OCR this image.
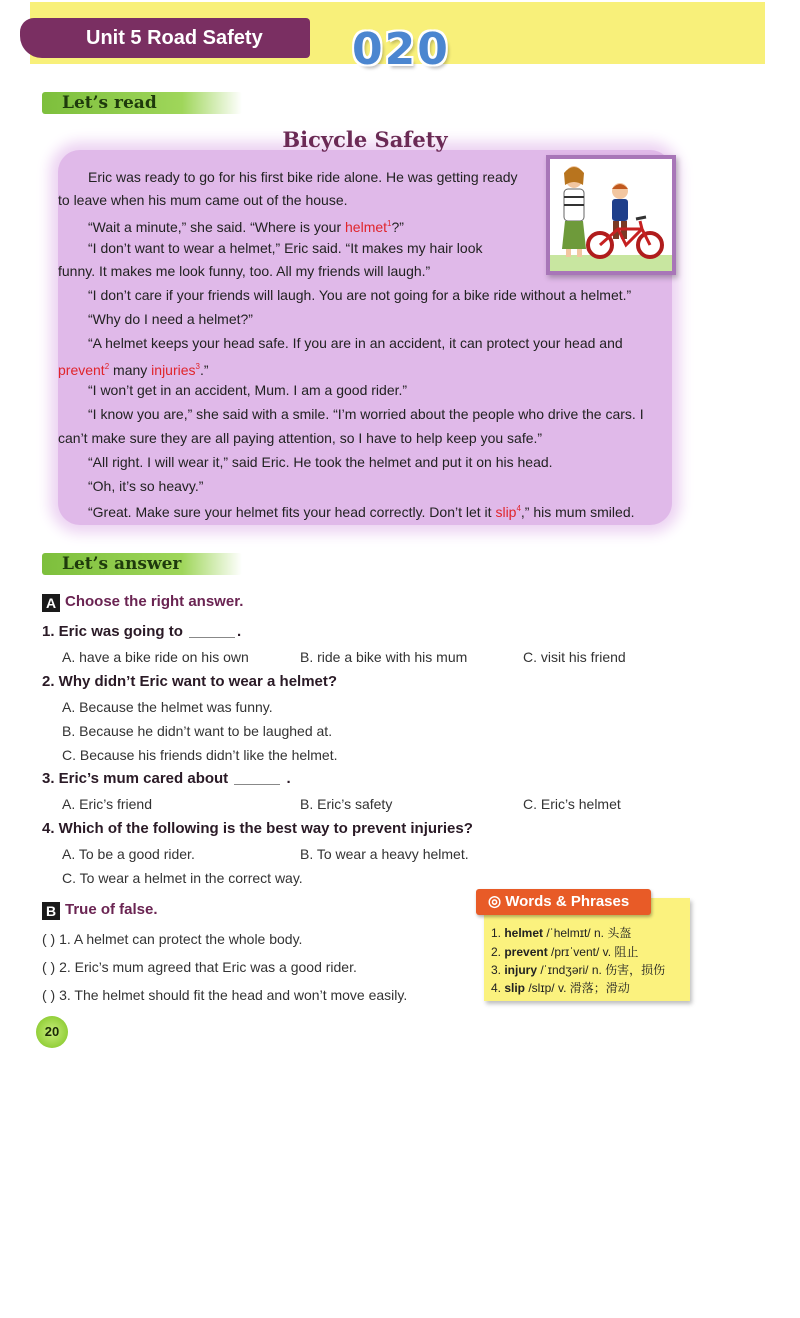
Unit 5 Road Safety	020
Let’s read
Bicycle Safety
Eric was ready to go for his first bike ride alone. He was getting ready
to leave when his mum came out of the house.
“Wait a minute,” she said. “Where is your helmet$^1$?”
“I don’t want to wear a helmet,” Eric said. “It makes my hair look
funny. It makes me look funny, too. All my friends will laugh.”
“I don’t care if your friends will laugh. You are not going for a bike ride without a helmet.”
“Why do I need a helmet?”
“A helmet keeps your head safe. If you are in an accident, it can protect your head and
prevent$^2$ many injuries$^3$.”
“I won’t get in an accident, Mum. I am a good rider.”
“I know you are,” she said with a smile. “I’m worried about the people who drive the cars. I
can’t make sure they are all paying attention, so I have to help keep you safe.”
“All right. I will wear it,” said Eric. He took the helmet and put it on his head.
“Oh, it’s so heavy.”
“Great. Make sure your helmet fits your head correctly. Don’t let it slip$^4$,” his mum smiled.
Let’s answer
A Choose the right answer.
1. Eric was going to	.
A. have a bike ride on his own	B. ride a bike with his mum	C. visit his friend
2. Why didn’t Eric want to wear a helmet?
A. Because the helmet was funny.
B. Because he didn’t want to be laughed at.
C. Because his friends didn’t like the helmet.
3. Eric’s mum cared about	.
A. Eric’s friend	B. Eric’s safety	C. Eric’s helmet
4. Which of the following is the best way to prevent injuries?
A. To be a good rider.	B. To wear a heavy helmet.
C. To wear a helmet in the correct way.
B True of false.
( ) 1. A helmet can protect the whole body.
( ) 2. Eric’s mum agreed that Eric was a good rider.
( ) 3. The helmet should fit the head and won’t move easily.
◎ Words & Phrases
1. helmet /ˈhelmɪt/ n. 头盔
2. prevent /prɪˈvent/ v. 阻止
3. injury /ˈɪndʒəri/ n. 伤害，损伤
4. slip /slɪp/ v. 滑落；滑动
20
